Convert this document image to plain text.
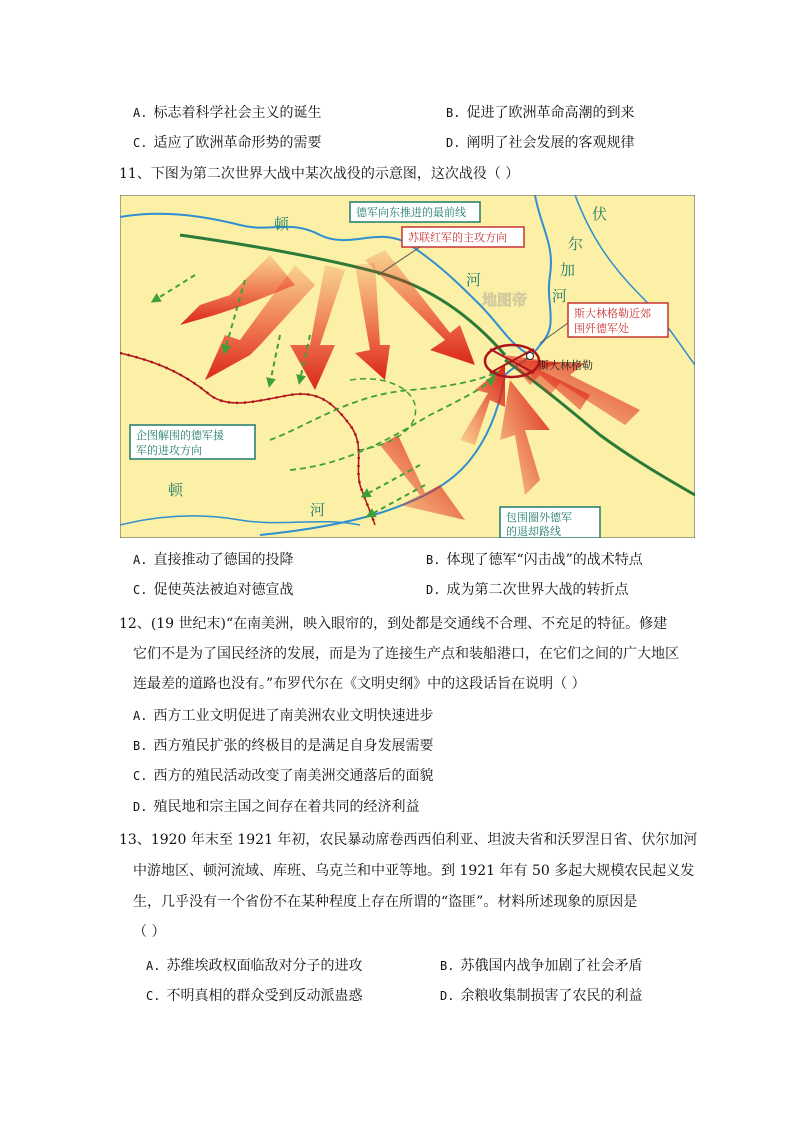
A. 标志着科学社会主义的诞生	B. 促进了欧洲革命高潮的到来
C. 适应了欧洲革命形势的需要	D. 阐明了社会发展的客观规律
11、下图为第二次世界大战中某次战役的示意图，这次战役（ ）
德军向东推进的最前线
苏联红军的主攻方向
斯大林格勒近郊
围歼德军处
斯大林格勒
企图解围的德军援
军的进攻方向
包围圈外德军
的退却路线
地图帝
顿
河
顿
河
伏
尔
加
河
A. 直接推动了德国的投降	B. 体现了德军“闪击战”的战术特点
C. 促使英法被迫对德宣战	D. 成为第二次世界大战的转折点
12、(19 世纪末)“在南美洲，映入眼帘的，到处都是交通线不合理、不充足的特征。修建
它们不是为了国民经济的发展，而是为了连接生产点和装船港口，在它们之间的广大地区
连最差的道路也没有。”布罗代尔在《文明史纲》中的这段话旨在说明（ ）
A. 西方工业文明促进了南美洲农业文明快速进步
B. 西方殖民扩张的终极目的是满足自身发展需要
C. 西方的殖民活动改变了南美洲交通落后的面貌
D. 殖民地和宗主国之间存在着共同的经济利益
13、1920 年末至 1921 年初，农民暴动席卷西西伯利亚、坦波夫省和沃罗涅日省、伏尔加河
中游地区、顿河流域、库班、乌克兰和中亚等地。到 1921 年有 50 多起大规模农民起义发
生，几乎没有一个省份不在某种程度上存在所谓的“盗匪”。材料所述现象的原因是
（ ）
A. 苏维埃政权面临敌对分子的进攻	B. 苏俄国内战争加剧了社会矛盾
C. 不明真相的群众受到反动派蛊惑	D. 余粮收集制损害了农民的利益
